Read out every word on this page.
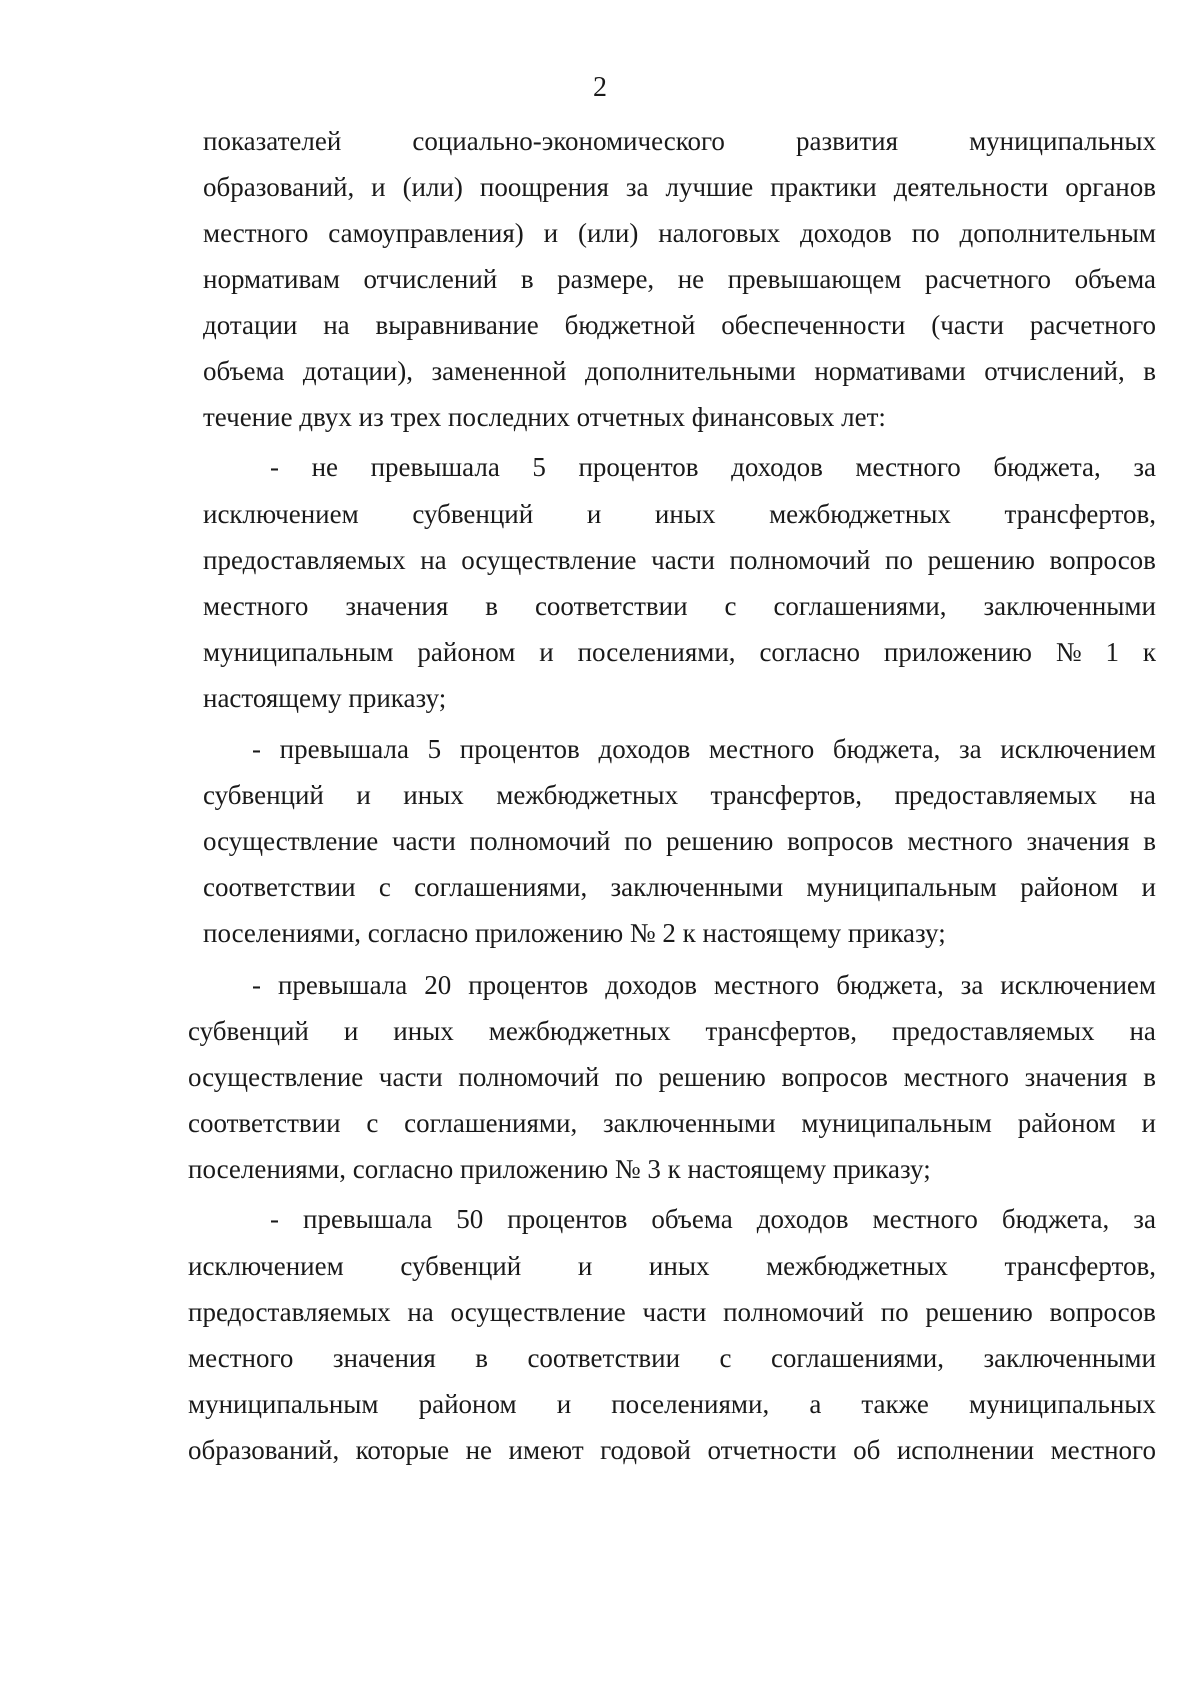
2
показателей	социально-экономического	развития	муниципальных
образований, и (или) поощрения за лучшие практики деятельности органов
местного самоуправления) и (или) налоговых доходов по дополнительным
нормативам отчислений в размере, не превышающем расчетного объема
дотации на выравнивание бюджетной обеспеченности (части расчетного
объема дотации), замененной дополнительными нормативами отчислений, в
течение двух из трех последних отчетных финансовых лет:
- не превышала 5 процентов доходов местного бюджета, за
исключением субвенций и иных межбюджетных трансфертов,
предоставляемых на осуществление части полномочий по решению вопросов
местного значения в соответствии с соглашениями, заключенными
муниципальным районом и поселениями, согласно приложению № 1 к
настоящему приказу;
- превышала 5 процентов доходов местного бюджета, за исключением
субвенций и иных межбюджетных трансфертов, предоставляемых на
осуществление части полномочий по решению вопросов местного значения в
соответствии с соглашениями, заключенными муниципальным районом и
поселениями, согласно приложению № 2 к настоящему приказу;
- превышала 20 процентов доходов местного бюджета, за исключением
субвенций и иных межбюджетных трансфертов, предоставляемых на
осуществление части полномочий по решению вопросов местного значения в
соответствии с соглашениями, заключенными муниципальным районом и
поселениями, согласно приложению № 3 к настоящему приказу;
- превышала 50 процентов объема доходов местного бюджета, за
исключением субвенций и иных межбюджетных трансфертов,
предоставляемых на осуществление части полномочий по решению вопросов
местного значения в соответствии с соглашениями, заключенными
муниципальным районом и поселениями, а также муниципальных
образований, которые не имеют годовой отчетности об исполнении местного
